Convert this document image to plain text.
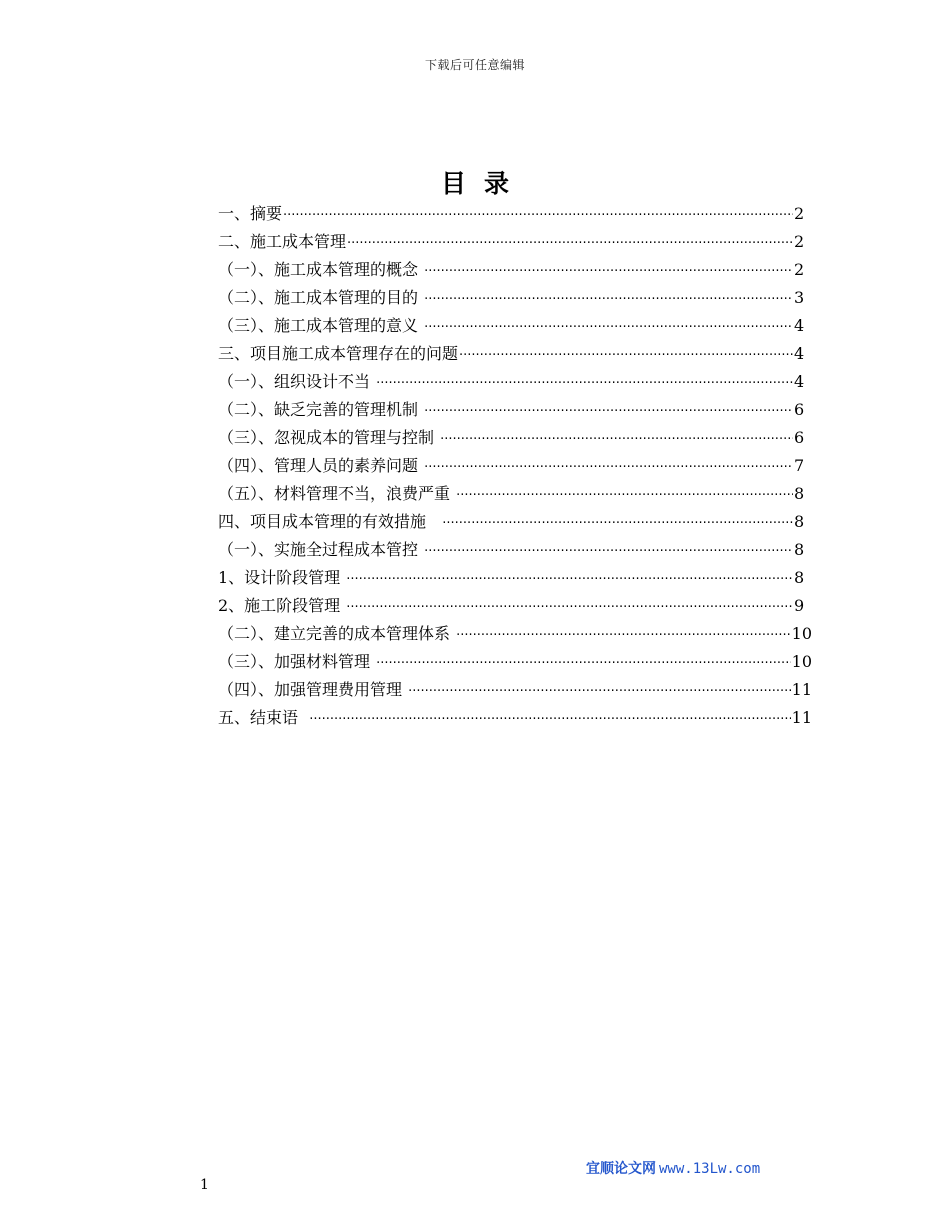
下载后可任意编辑
目录
一、摘要 ·····	2
二、施工成本管理 ·····	2
（一）、施工成本管理的概念 ·····	2
（二）、施工成本管理的目的 ·····	3
（三）、施工成本管理的意义 ·····	4
三、项目施工成本管理存在的问题 ·····	4
（一）、组织设计不当 ·····	4
（二）、缺乏完善的管理机制 ·····	6
（三）、忽视成本的管理与控制 ·····	6
（四）、管理人员的素养问题 ·····	7
（五）、材料管理不当，浪费严重 ·····	8
四、项目成本管理的有效措施 ·····	8
（一）、实施全过程成本管控 ·····	8
1、设计阶段管理 ·····	8
2、施工阶段管理 ·····	9
（二）、建立完善的成本管理体系 ·····	10
（三）、加强材料管理 ·····	10
（四）、加强管理费用管理 ·····	11
五、结束语 ·····	11
宜顺论文网 www.13Lw.com
1
